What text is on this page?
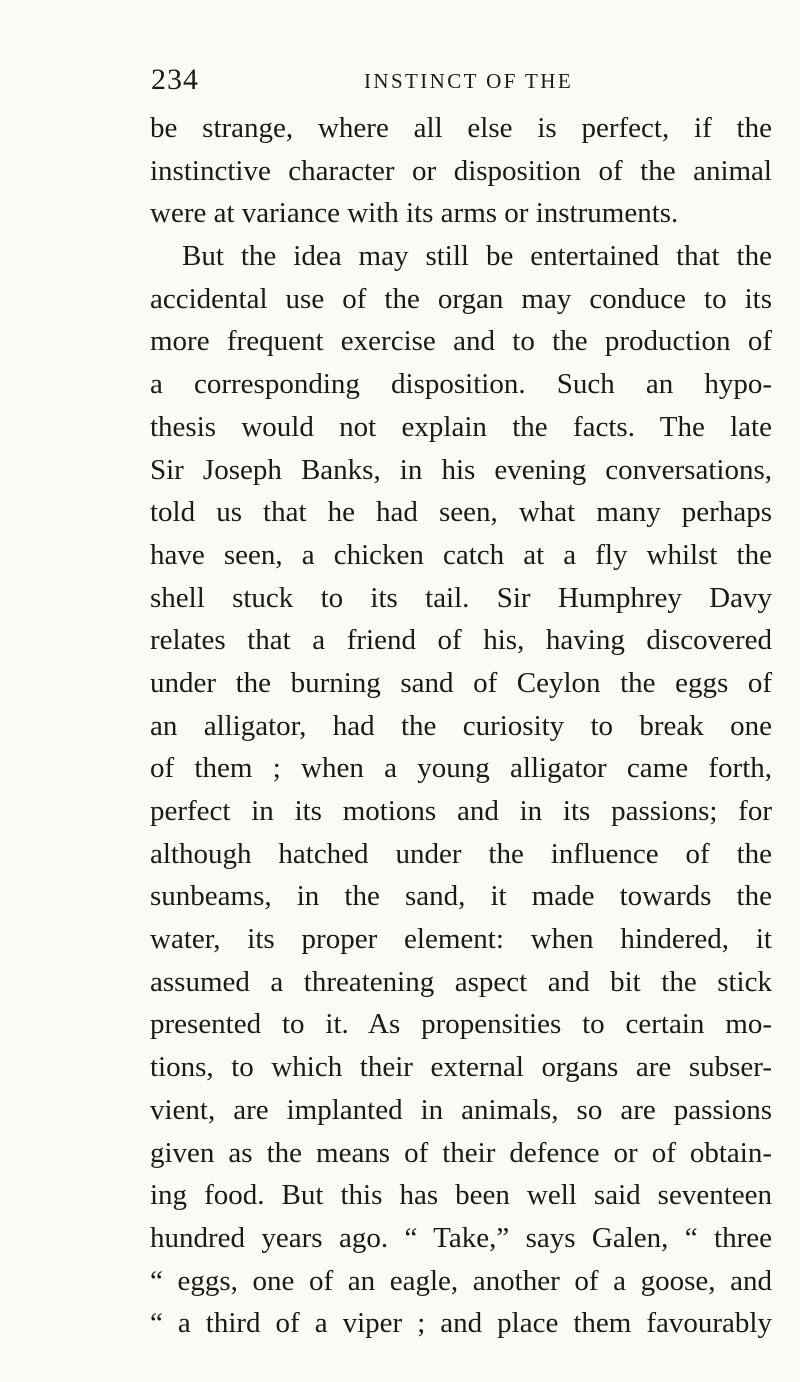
234	INSTINCT OF THE
be strange, where all else is perfect, if the
instinctive character or disposition of the animal
were at variance with its arms or instruments.
But the idea may still be entertained that the
accidental use of the organ may conduce to its
more frequent exercise and to the production of
a corresponding disposition. Such an hypo-
thesis would not explain the facts. The late
Sir Joseph Banks, in his evening conversations,
told us that he had seen, what many perhaps
have seen, a chicken catch at a fly whilst the
shell stuck to its tail. Sir Humphrey Davy
relates that a friend of his, having discovered
under the burning sand of Ceylon the eggs of
an alligator, had the curiosity to break one
of them ; when a young alligator came forth,
perfect in its motions and in its passions; for
although hatched under the influence of the
sunbeams, in the sand, it made towards the
water, its proper element: when hindered, it
assumed a threatening aspect and bit the stick
presented to it. As propensities to certain mo-
tions, to which their external organs are subser-
vient, are implanted in animals, so are passions
given as the means of their defence or of obtain-
ing food. But this has been well said seventeen
hundred years ago. “ Take,” says Galen, “ three
“ eggs, one of an eagle, another of a goose, and
“ a third of a viper ; and place them favourably
